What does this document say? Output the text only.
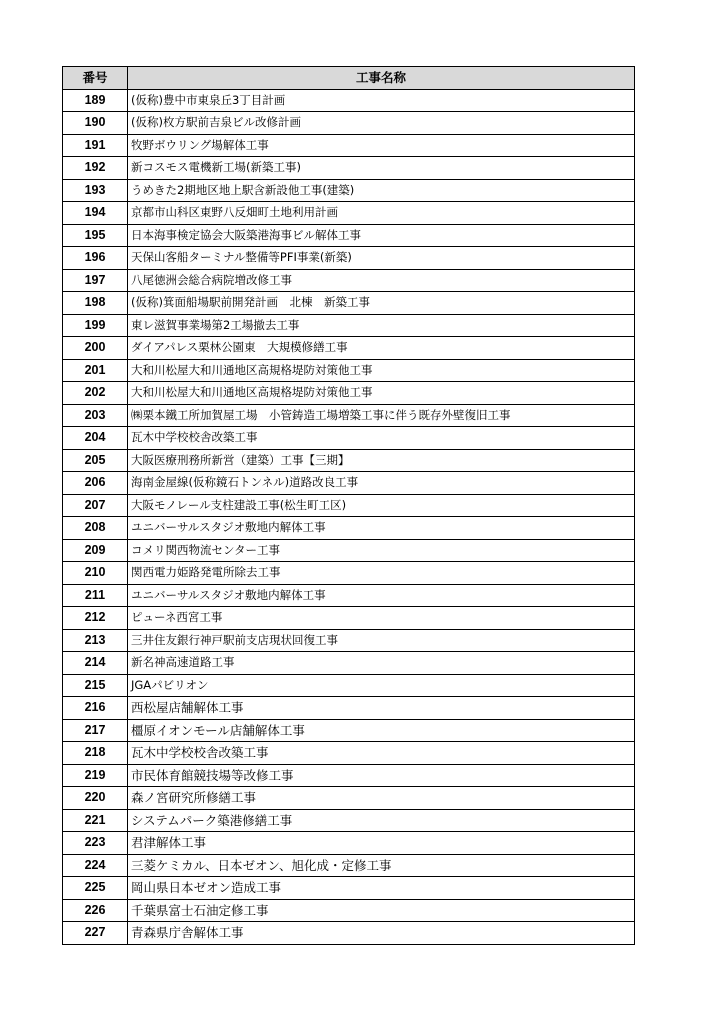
番号	工事名称
189	(仮称)豊中市東泉丘3丁目計画
190	(仮称)枚方駅前吉泉ビル改修計画
191	牧野ボウリング場解体工事
192	新コスモス電機新工場(新築工事)
193	うめきた2期地区地上駅含新設他工事(建築)
194	京都市山科区東野八反畑町土地利用計画
195	日本海事検定協会大阪築港海事ビル解体工事
196	天保山客船ターミナル整備等PFI事業(新築)
197	八尾徳洲会総合病院増改修工事
198	(仮称)箕面船場駅前開発計画　北棟　新築工事
199	東レ滋賀事業場第2工場撤去工事
200	ダイアパレス栗林公園東　大規模修繕工事
201	大和川松屋大和川通地区高規格堤防対策他工事
202	大和川松屋大和川通地区高規格堤防対策他工事
203	㈱栗本鐵工所加賀屋工場　小管鋳造工場増築工事に伴う既存外壁復旧工事
204	瓦木中学校校舎改築工事
205	大阪医療刑務所新営（建築）工事【三期】
206	海南金屋線(仮称鏡石トンネル)道路改良工事
207	大阪モノレール支柱建設工事(松生町工区)
208	ユニバーサルスタジオ敷地内解体工事
209	コメリ関西物流センター工事
210	関西電力姫路発電所除去工事
211	ユニバーサルスタジオ敷地内解体工事
212	ピューネ西宮工事
213	三井住友銀行神戸駅前支店現状回復工事
214	新名神高速道路工事
215	JGAパビリオン
216	西松屋店舗解体工事
217	橿原イオンモール店舗解体工事
218	瓦木中学校校舎改築工事
219	市民体育館競技場等改修工事
220	森ノ宮研究所修繕工事
221	システムパーク築港修繕工事
223	君津解体工事
224	三菱ケミカル、日本ゼオン、旭化成・定修工事
225	岡山県日本ゼオン造成工事
226	千葉県富士石油定修工事
227	青森県庁舎解体工事
